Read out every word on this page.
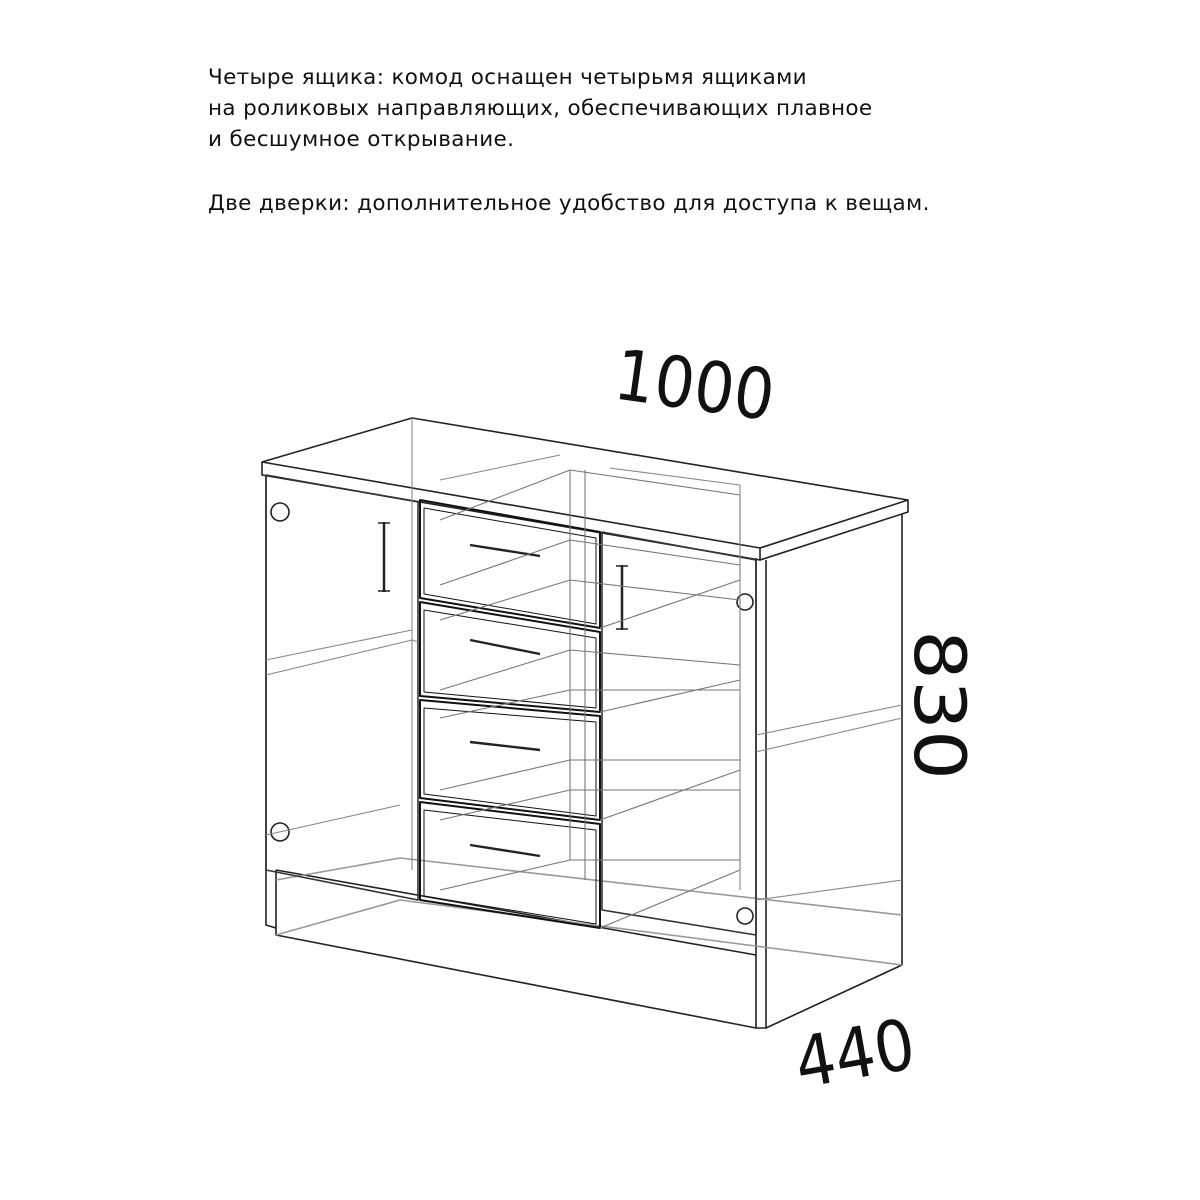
Четыре ящика: комод оснащен четырьмя ящиками

на роликовых направляющих, обеспечивающих плавное

и бесшумное открывание.

Две дверки: дополнительное удобство для доступа к вещам.

1000
830
440
